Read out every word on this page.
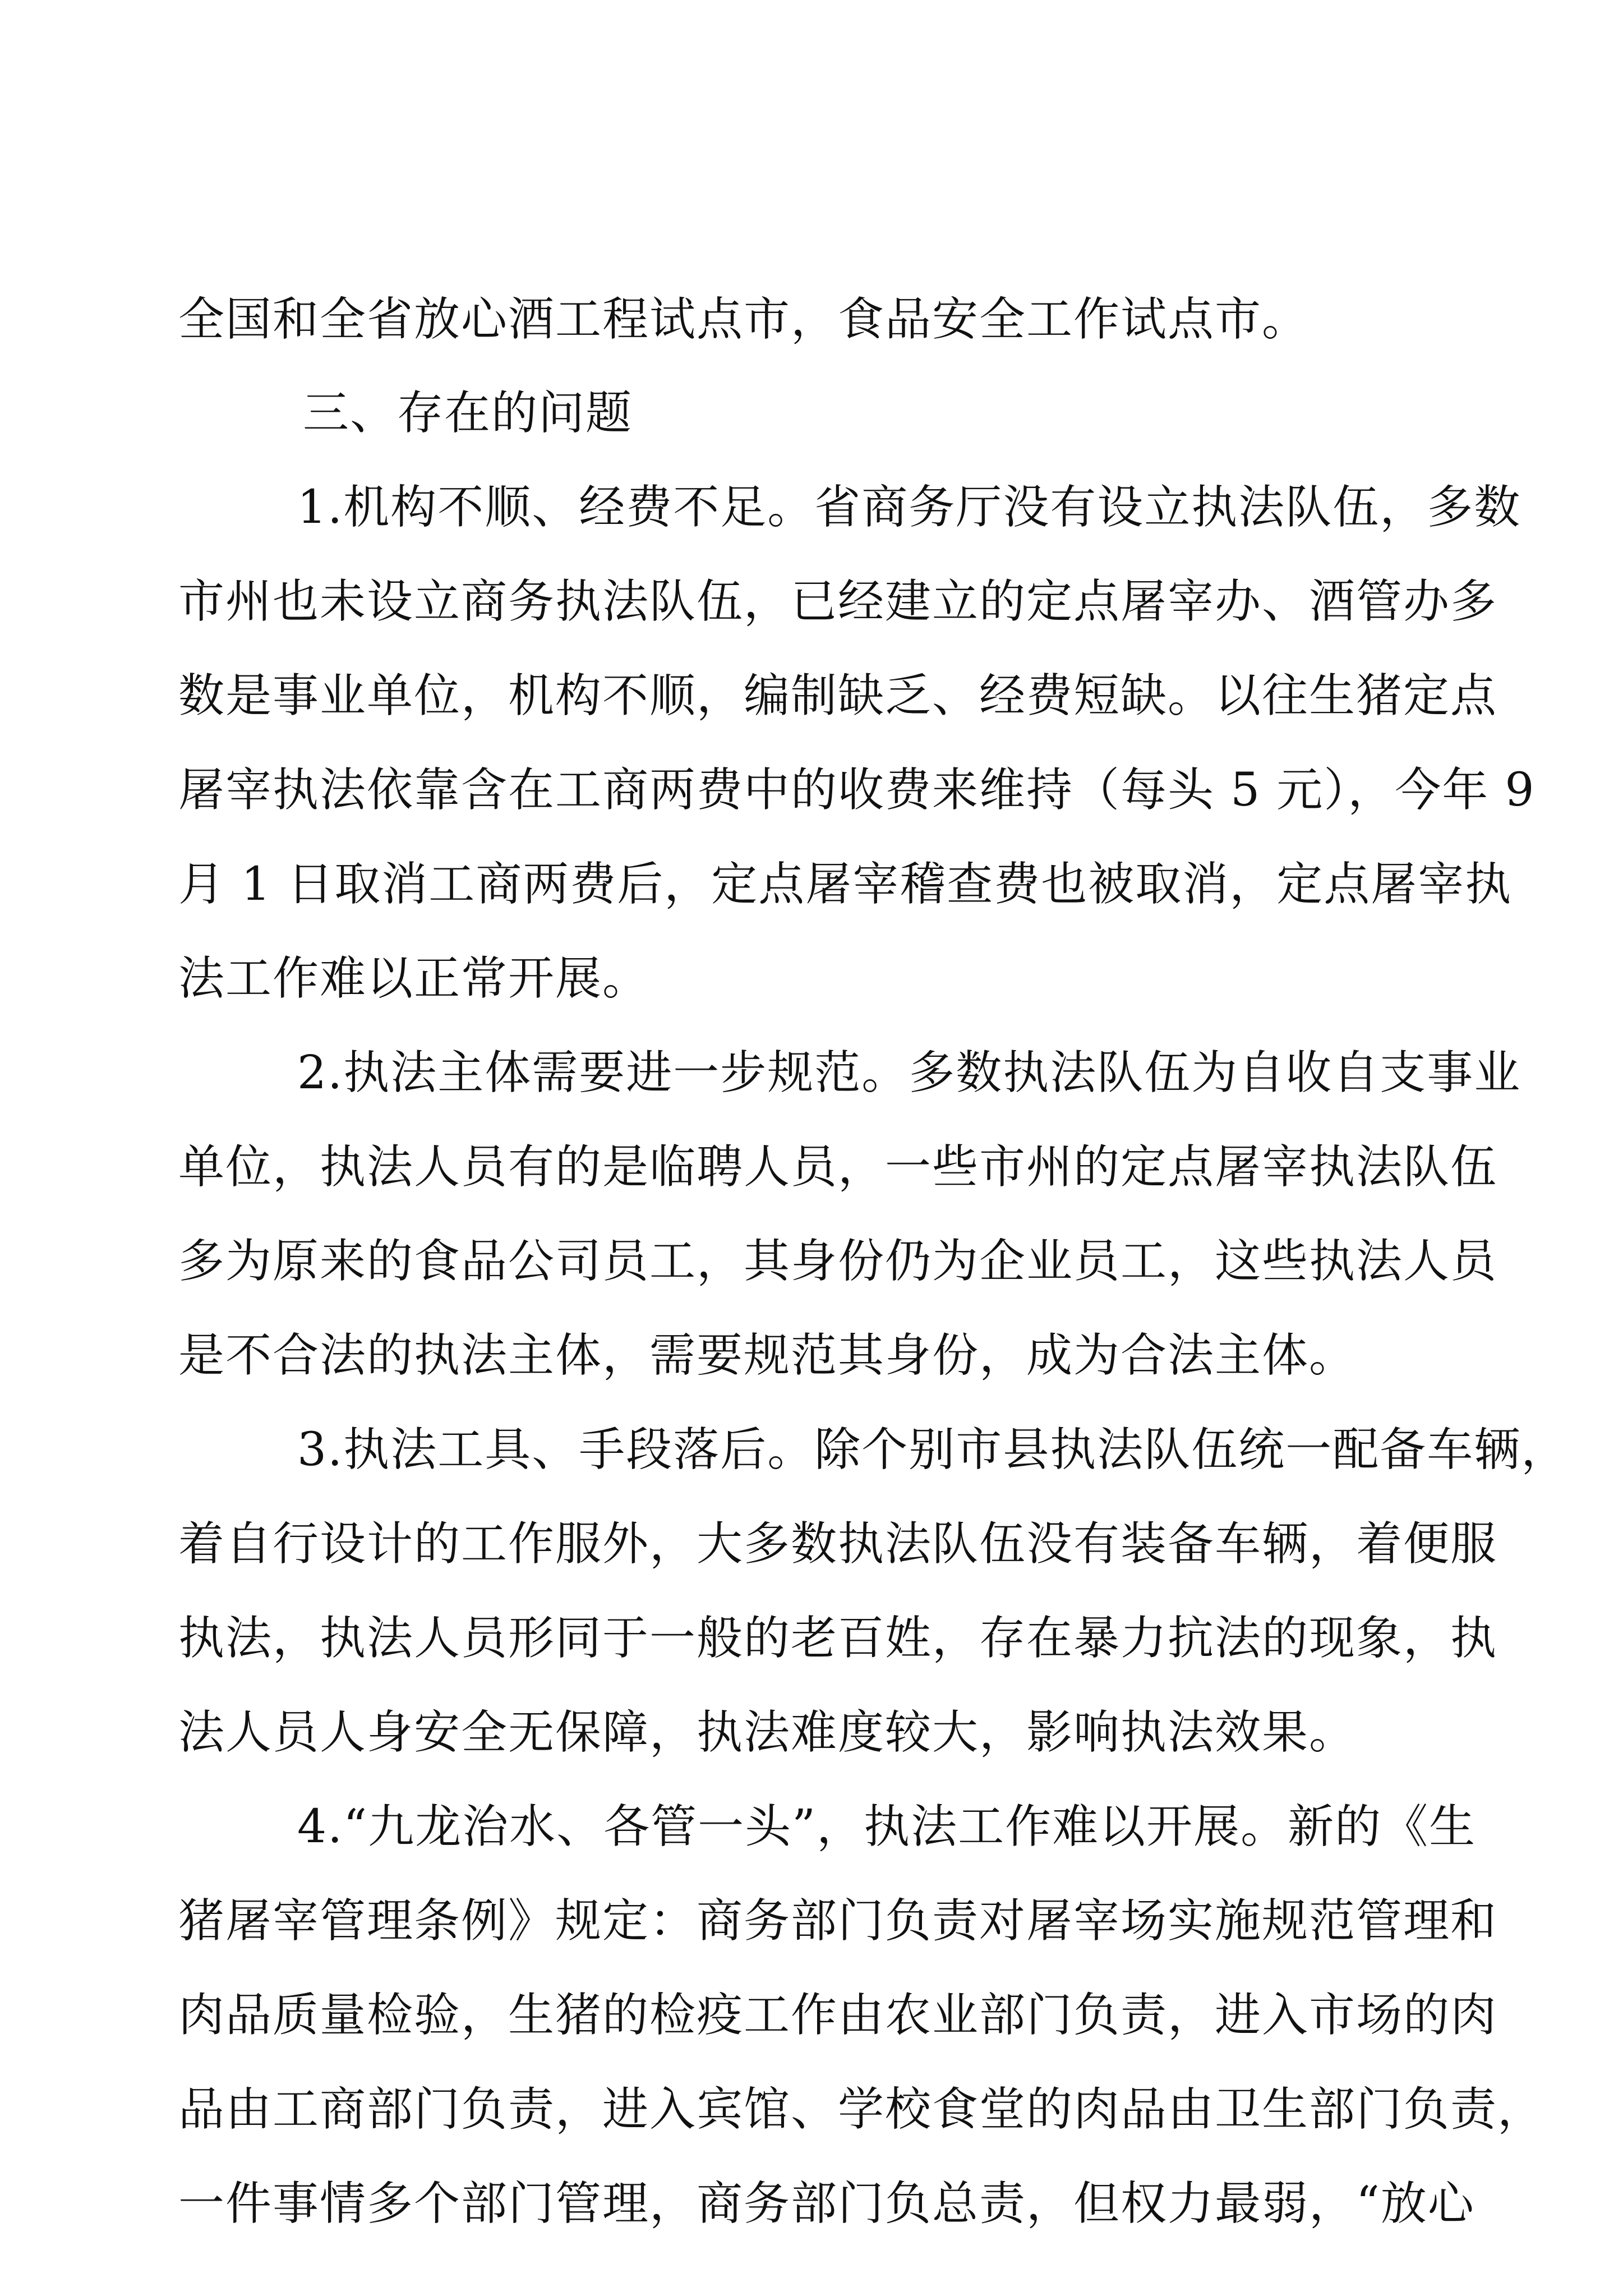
全国和全省放心酒工程试点市，食品安全工作试点市。
三、存在的问题
1.机构不顺、经费不足。省商务厅没有设立执法队伍，多数
市州也未设立商务执法队伍，已经建立的定点屠宰办、酒管办多
数是事业单位，机构不顺，编制缺乏、经费短缺。以往生猪定点
屠宰执法依靠含在工商两费中的收费来维持（每头 5 元），今年 9
月 1 日取消工商两费后，定点屠宰稽查费也被取消，定点屠宰执
法工作难以正常开展。
2.执法主体需要进一步规范。多数执法队伍为自收自支事业
单位，执法人员有的是临聘人员，一些市州的定点屠宰执法队伍
多为原来的食品公司员工，其身份仍为企业员工，这些执法人员
是不合法的执法主体，需要规范其身份，成为合法主体。
3.执法工具、手段落后。除个别市县执法队伍统一配备车辆，
着自行设计的工作服外，大多数执法队伍没有装备车辆，着便服
执法，执法人员形同于一般的老百姓，存在暴力抗法的现象，执
法人员人身安全无保障，执法难度较大，影响执法效果。
4.“九龙治水、各管一头”，执法工作难以开展。新的《生
猪屠宰管理条例》规定：商务部门负责对屠宰场实施规范管理和
肉品质量检验，生猪的检疫工作由农业部门负责，进入市场的肉
品由工商部门负责，进入宾馆、学校食堂的肉品由卫生部门负责，
一件事情多个部门管理，商务部门负总责，但权力最弱，“放心
